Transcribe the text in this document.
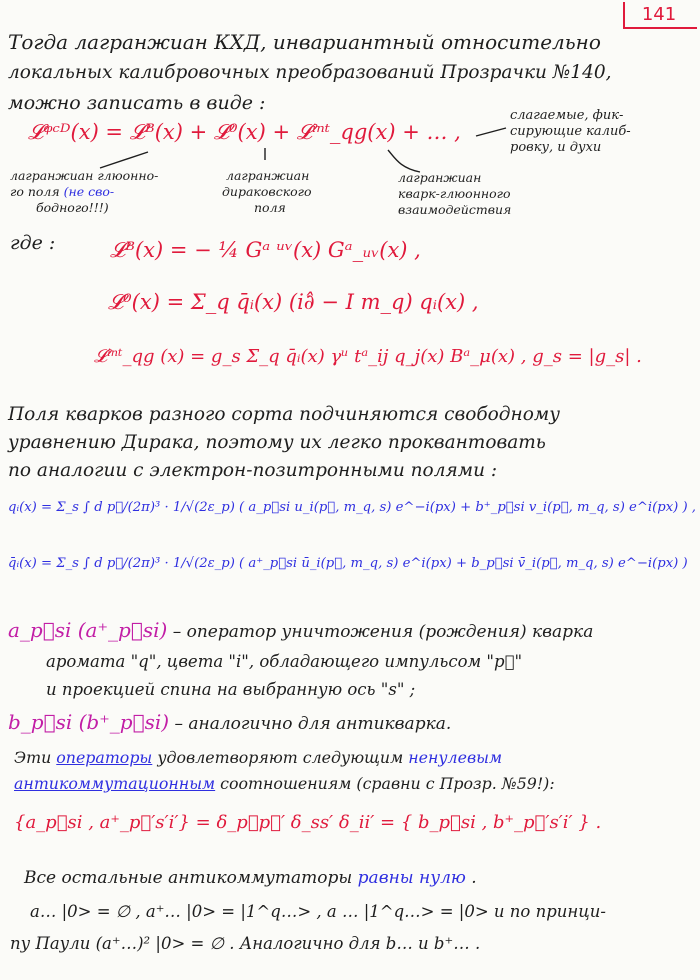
141
Тогда лагранжиан КХД, инвариантный относительно
локальных калибровочных преобразований Прозрачки №140,
можно записать в виде :
𝓛ᵠᶜᴰ(x) = 𝓛ᴮ(x) + 𝓛⁰(x) + 𝓛ⁱⁿᵗ_qg(x) + … ,
слагаемые, фик-
сирующие калиб-
ровку, и духи
лагранжиан глюонно-
го поля (не сво-
бодного!!!)
лагранжиан
дираковского
поля
лагранжиан
кварк-глюонного
взаимодействия
где :	𝓛ᴮ(x) = − ¼ Gᵃ ᵘᵛ(x) Gᵃ_ᵤᵥ(x) ,
𝓛⁰(x) = Σ_q q̄ᵢ(x) (i∂̂ − I m_q) qᵢ(x) ,
𝓛ⁱⁿᵗ_qg (x) = g_s Σ_q q̄ᵢ(x) γᵘ tᵃ_ij q_j(x) Bᵃ_μ(x) , g_s = |g_s| .
Поля кварков разного сорта подчиняются свободному
уравнению Дирака, поэтому их легко проквантовать
по аналогии с электрон-позитронными полями :
qᵢ(x) = Σ_s ∫ d p⃗/(2π)³ · 1/√(2ε_p) ( a_p⃗si u_i(p⃗, m_q, s) e^−i(px) + b⁺_p⃗si v_i(p⃗, m_q, s) e^i(px) ) ,
q̄ᵢ(x) = Σ_s ∫ d p⃗/(2π)³ · 1/√(2ε_p) ( a⁺_p⃗si ū_i(p⃗, m_q, s) e^i(px) + b_p⃗si v̄_i(p⃗, m_q, s) e^−i(px) )
a_p⃗si (a⁺_p⃗si) – оператор уничтожения (рождения) кварка
аромата "q", цвета "i", обладающего импульсом "p⃗"
и проекцией спина на выбранную ось "s" ;
b_p⃗si (b⁺_p⃗si) – аналогично для антикварка.
Эти операторы удовлетворяют следующим ненулевым
антикоммутационным соотношениям (сравни с Прозр. №59!):
{a_p⃗si , a⁺_p⃗′s′i′} = δ_p⃗p⃗′ δ_ss′ δ_ii′ = { b_p⃗si , b⁺_p⃗′s′i′ } .
Все остальные антикоммутаторы равны нулю .
a… |0> = ∅ , a⁺… |0> = |1^q…> , a … |1^q…> = |0> и по принци-
пу Паули (a⁺…)² |0> = ∅ . Аналогично для b… и b⁺… .
